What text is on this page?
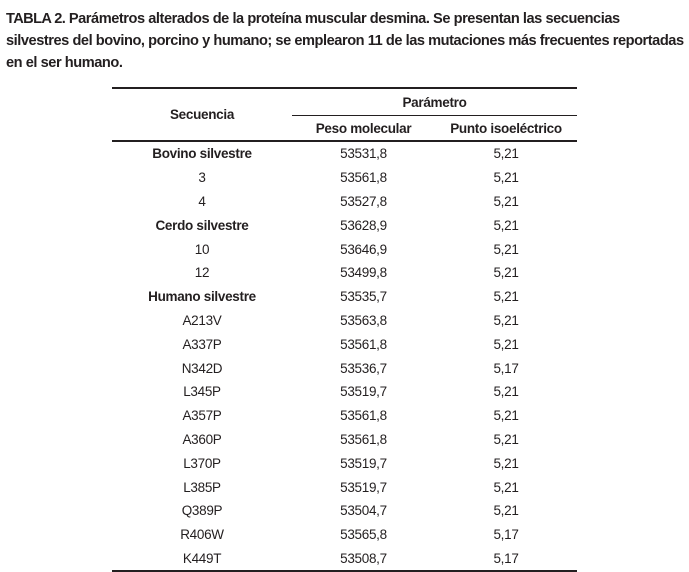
TABLA 2. Parámetros alterados de la proteína muscular desmina. Se presentan las secuencias silvestres del bovino, porcino y humano; se emplearon 11 de las mutaciones más frecuentes reportadas en el ser humano.

Secuencia	Parámetro	
	Peso molecular	Punto isoeléctrico
Bovino silvestre	53531,8	5,21
3	53561,8	5,21
4	53527,8	5,21
Cerdo silvestre	53628,9	5,21
10	53646,9	5,21
12	53499,8	5,21
Humano silvestre	53535,7	5,21
A213V	53563,8	5,21
A337P	53561,8	5,21
N342D	53536,7	5,17
L345P	53519,7	5,21
A357P	53561,8	5,21
A360P	53561,8	5,21
L370P	53519,7	5,21
L385P	53519,7	5,21
Q389P	53504,7	5,21
R406W	53565,8	5,17
K449T	53508,7	5,17
